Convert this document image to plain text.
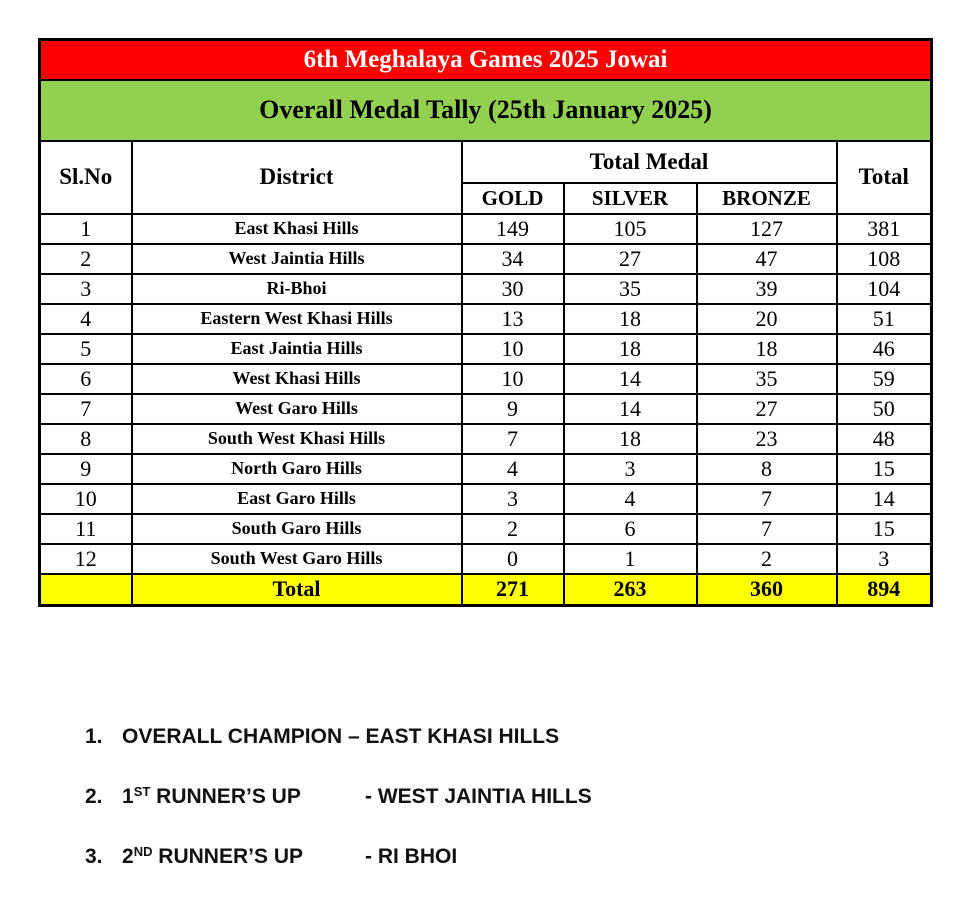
6th Meghalaya Games 2025 Jowai					
Overall Medal Tally (25th January 2025)					
Sl.No	District	Total Medal			Total
		GOLD	SILVER	BRONZE	
1	East Khasi Hills	149	105	127	381
2	West Jaintia Hills	34	27	47	108
3	Ri-Bhoi	30	35	39	104
4	Eastern West Khasi Hills	13	18	20	51
5	East Jaintia Hills	10	18	18	46
6	West Khasi Hills	10	14	35	59
7	West Garo Hills	9	14	27	50
8	South West Khasi Hills	7	18	23	48
9	North Garo Hills	4	3	8	15
10	East Garo Hills	3	4	7	14
11	South Garo Hills	2	6	7	15
12	South West Garo Hills	0	1	2	3
	Total	271	263	360	894
1. OVERALL CHAMPION – EAST KHASI HILLS
2. 1ST RUNNER’S UP	- WEST JAINTIA HILLS
3. 2ND RUNNER’S UP	- RI BHOI
